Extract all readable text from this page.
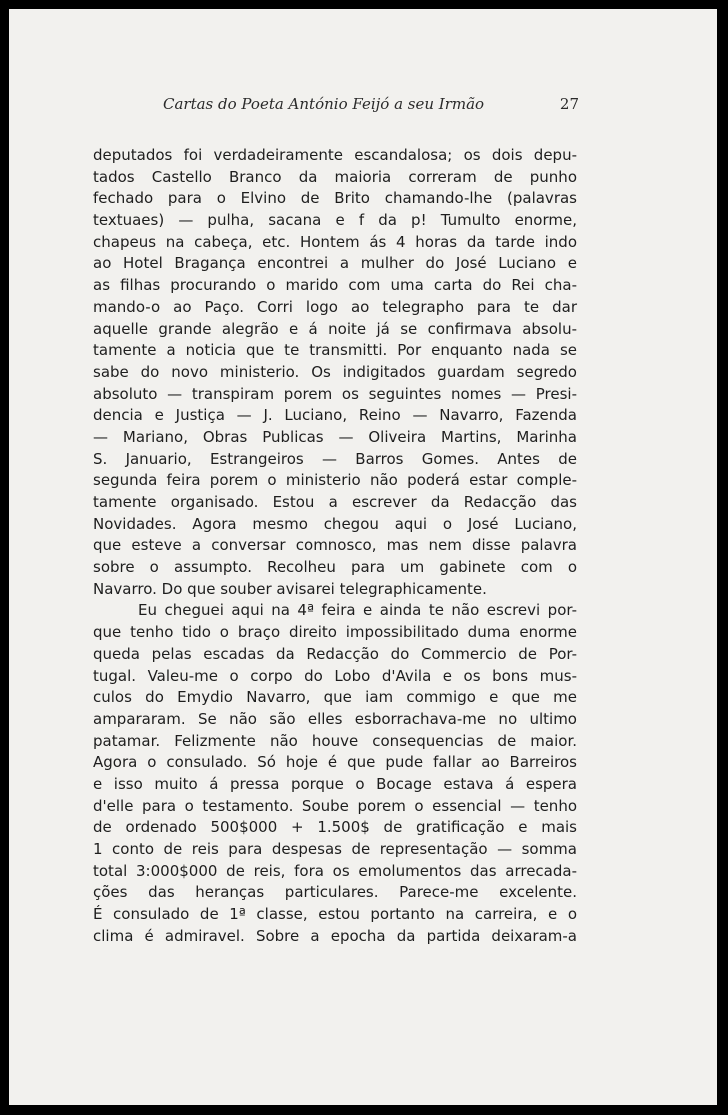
Cartas do Poeta António Feijó a seu Irmão	27
deputados foi verdadeiramente escandalosa; os dois depu-
tados Castello Branco da maioria correram de punho
fechado para o Elvino de Brito chamando-lhe (palavras
textuaes) — pulha, sacana e f da p! Tumulto enorme,
chapeus na cabeça, etc. Hontem ás 4 horas da tarde indo
ao Hotel Bragança encontrei a mulher do José Luciano e
as filhas procurando o marido com uma carta do Rei cha-
mando-o ao Paço. Corri logo ao telegrapho para te dar
aquelle grande alegrão e á noite já se confirmava absolu-
tamente a noticia que te transmitti. Por enquanto nada se
sabe do novo ministerio. Os indigitados guardam segredo
absoluto — transpiram porem os seguintes nomes — Presi-
dencia e Justiça — J. Luciano, Reino — Navarro, Fazenda
— Mariano, Obras Publicas — Oliveira Martins, Marinha
S. Januario, Estrangeiros — Barros Gomes. Antes de
segunda feira porem o ministerio não poderá estar comple-
tamente organisado. Estou a escrever da Redacção das
Novidades. Agora mesmo chegou aqui o José Luciano,
que esteve a conversar comnosco, mas nem disse palavra
sobre o assumpto. Recolheu para um gabinete com o
Navarro. Do que souber avisarei telegraphicamente.
Eu cheguei aqui na 4ª feira e ainda te não escrevi por-
que tenho tido o braço direito impossibilitado duma enorme
queda pelas escadas da Redacção do Commercio de Por-
tugal. Valeu-me o corpo do Lobo d'Avila e os bons mus-
culos do Emydio Navarro, que iam commigo e que me
ampararam. Se não são elles esborrachava-me no ultimo
patamar. Felizmente não houve consequencias de maior.
Agora o consulado. Só hoje é que pude fallar ao Barreiros
e isso muito á pressa porque o Bocage estava á espera
d'elle para o testamento. Soube porem o essencial — tenho
de ordenado 500$000 + 1.500$ de gratificação e mais
1 conto de reis para despesas de representação — somma
total 3:000$000 de reis, fora os emolumentos das arrecada-
ções das heranças particulares. Parece-me excelente.
É consulado de 1ª classe, estou portanto na carreira, e o
clima é admiravel. Sobre a epocha da partida deixaram-a
